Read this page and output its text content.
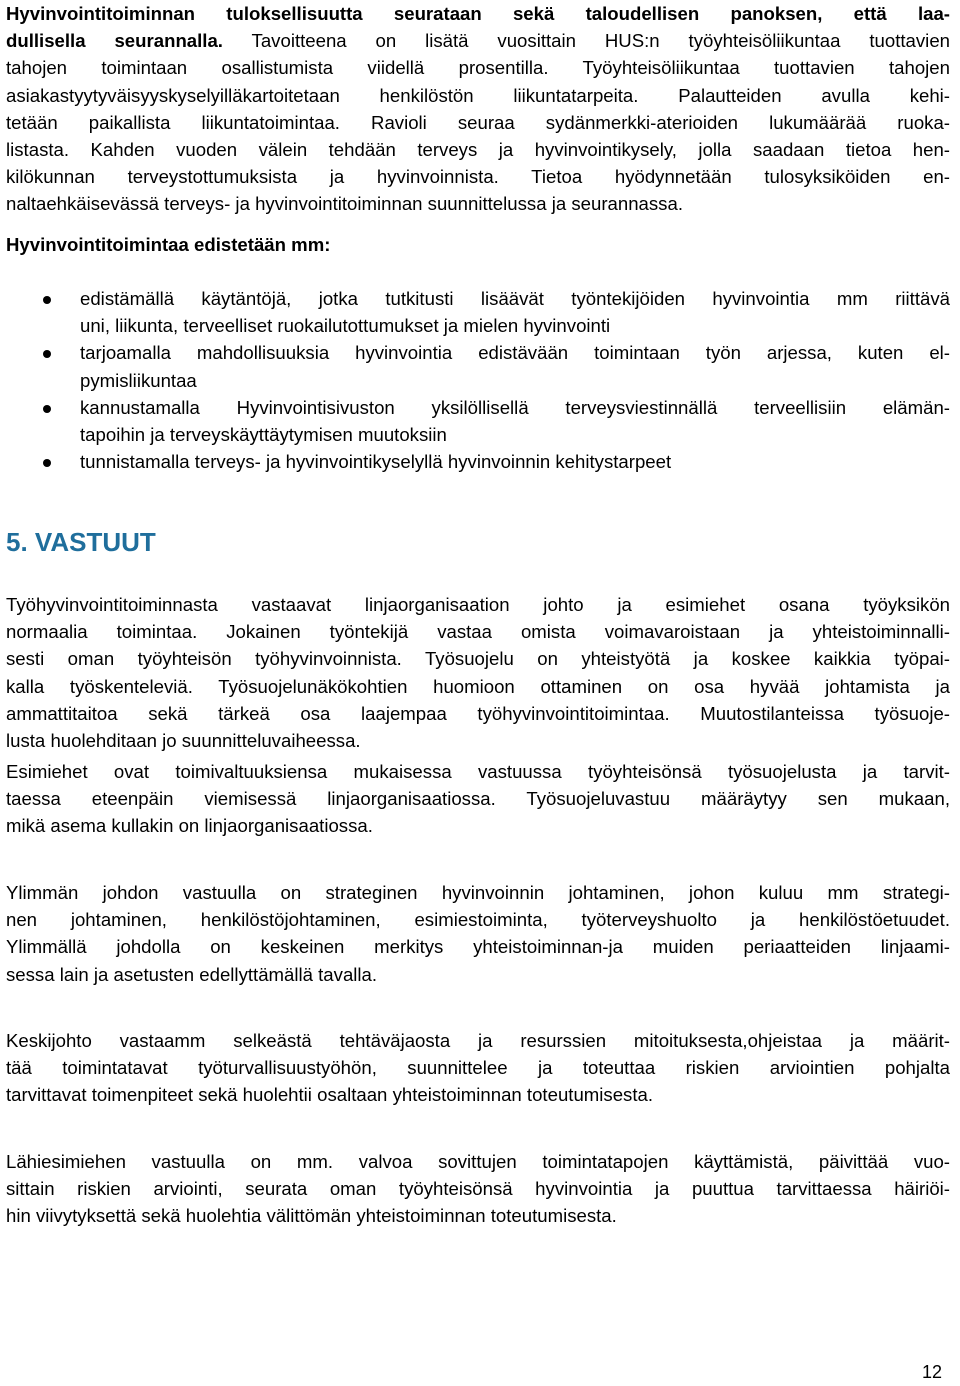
Hyvinvointitoiminnan tuloksellisuutta seurataan sekä taloudellisen panoksen, että laa-
dullisella seurannalla. Tavoitteena on lisätä vuosittain HUS:n työyhteisöliikuntaa tuottavien
tahojen toimintaan osallistumista viidellä prosentilla. Työyhteisöliikuntaa tuottavien tahojen
asiakastyytyväisyyskyselyilläkartoitetaan henkilöstön liikuntatarpeita. Palautteiden avulla kehi-
tetään paikallista liikuntatoimintaa. Ravioli seuraa sydänmerkki-aterioiden lukumäärää ruoka-
listasta. Kahden vuoden välein tehdään terveys ja hyvinvointikysely, jolla saadaan tietoa hen-
kilökunnan terveystottumuksista ja hyvinvoinnista. Tietoa hyödynnetään tulosyksiköiden en-
naltaehkäisevässä terveys- ja hyvinvointitoiminnan suunnittelussa ja seurannassa.
Hyvinvointitoimintaa edistetään mm:
edistämällä käytäntöjä, jotka tutkitusti lisäävät työntekijöiden hyvinvointia mm riittävä
uni, liikunta, terveelliset ruokailutottumukset ja mielen hyvinvointi
tarjoamalla mahdollisuuksia hyvinvointia edistävään toimintaan työn arjessa, kuten el-
pymisliikuntaa
kannustamalla Hyvinvointisivuston yksilöllisellä terveysviestinnällä terveellisiin elämän-
tapoihin ja terveyskäyttäytymisen muutoksiin
tunnistamalla terveys- ja hyvinvointikyselyllä hyvinvoinnin kehitystarpeet
5. VASTUUT
Työhyvinvointitoiminnasta vastaavat linjaorganisaation johto ja esimiehet osana työyksikön
normaalia toimintaa. Jokainen työntekijä vastaa omista voimavaroistaan ja yhteistoiminnalli-
sesti oman työyhteisön työhyvinvoinnista. Työsuojelu on yhteistyötä ja koskee kaikkia työpai-
kalla työskenteleviä. Työsuojelunäkökohtien huomioon ottaminen on osa hyvää johtamista ja
ammattitaitoa sekä tärkeä osa laajempaa työhyvinvointitoimintaa. Muutostilanteissa työsuoje-
lusta huolehditaan jo suunnitteluvaiheessa.
Esimiehet ovat toimivaltuuksiensa mukaisessa vastuussa työyhteisönsä työsuojelusta ja tarvit-
taessa eteenpäin viemisessä linjaorganisaatiossa. Työsuojeluvastuu määräytyy sen mukaan,
mikä asema kullakin on linjaorganisaatiossa.
Ylimmän johdon vastuulla on strateginen hyvinvoinnin johtaminen, johon kuluu mm strategi-
nen johtaminen, henkilöstöjohtaminen, esimiestoiminta, työterveyshuolto ja henkilöstöetuudet.
Ylimmällä johdolla on keskeinen merkitys yhteistoiminnan-ja muiden periaatteiden linjaami-
sessa lain ja asetusten edellyttämällä tavalla.
Keskijohto vastaamm selkeästä tehtäväjaosta ja resurssien mitoituksesta,ohjeistaa ja määrit-
tää toimintatavat työturvallisuustyöhön, suunnittelee ja toteuttaa riskien arviointien pohjalta
tarvittavat toimenpiteet sekä huolehtii osaltaan yhteistoiminnan toteutumisesta.
Lähiesimiehen vastuulla on mm. valvoa sovittujen toimintatapojen käyttämistä, päivittää vuo-
sittain riskien arviointi, seurata oman työyhteisönsä hyvinvointia ja puuttua tarvittaessa häiriöi-
hin viivytyksettä sekä huolehtia välittömän yhteistoiminnan toteutumisesta.
12
